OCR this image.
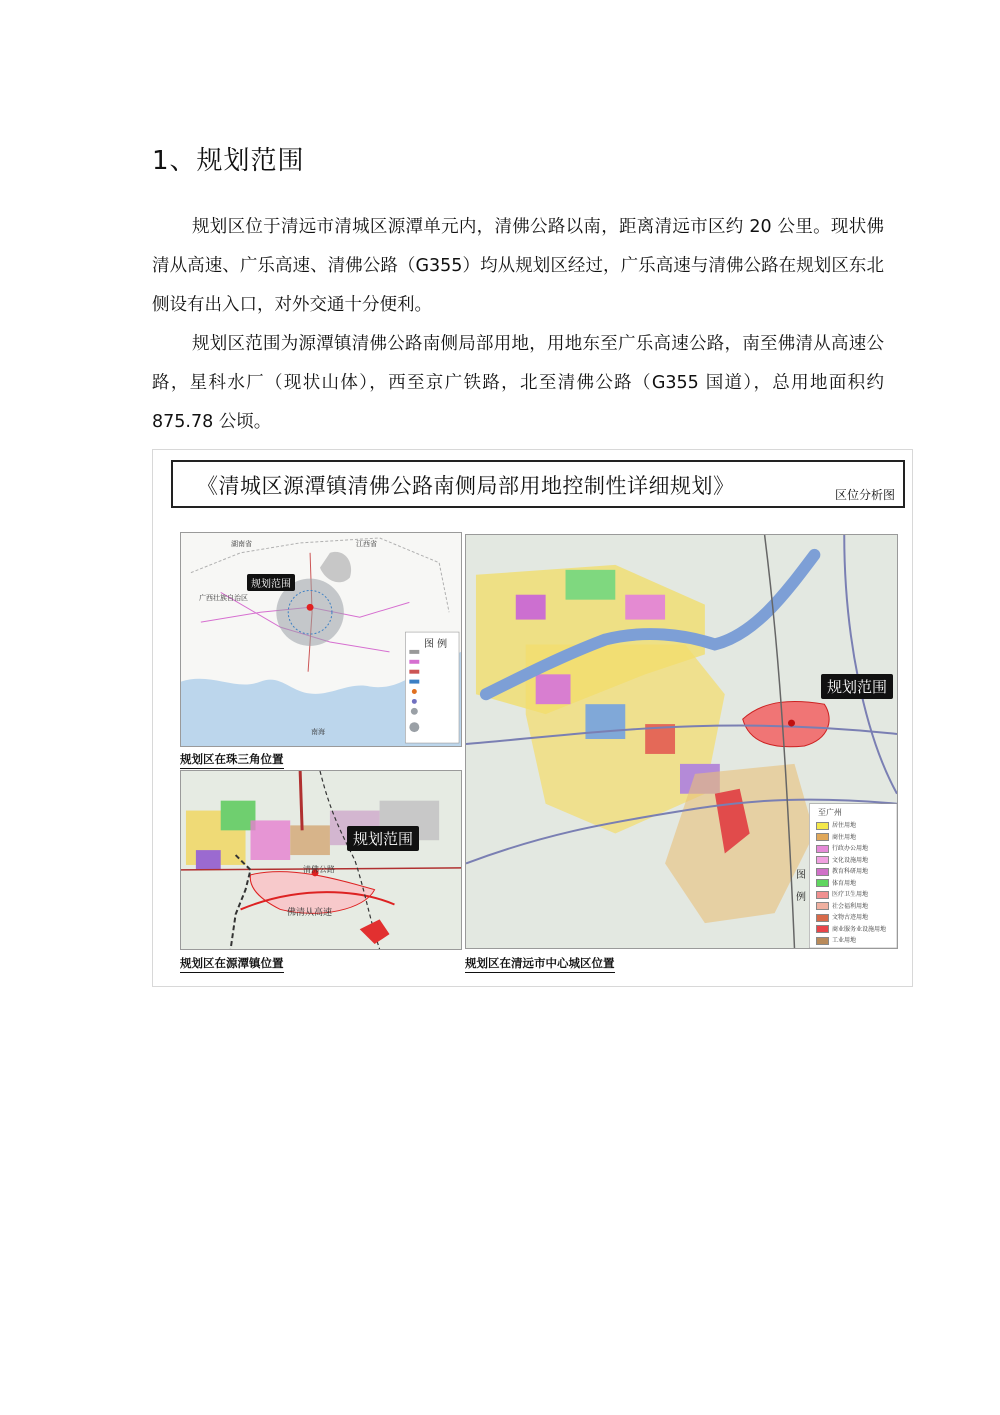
1、规划范围

规划区位于清远市清城区源潭单元内，清佛公路以南，距离清远市区约 20 公里。现状佛清从高速、广乐高速、清佛公路（G355）均从规划区经过，广乐高速与清佛公路在规划区东北侧设有出入口，对外交通十分便利。

规划区范围为源潭镇清佛公路南侧局部用地，用地东至广乐高速公路，南至佛清从高速公路，星科水厂（现状山体），西至京广铁路，北至清佛公路（G355 国道），总用地面积约 875.78 公顷。

《清城区源潭镇清佛公路南侧局部用地控制性详细规划》	区位分析图
规划范围
图 例
南海
江西省
湖南省
广西壮族自治区
规划区在珠三角位置
规划范围
佛清从高速
清佛公路
规划区在源潭镇位置
规划范围
至广州
图 例
居住用地
商住用地
行政办公用地
文化设施用地
教育科研用地
体育用地
医疗卫生用地
社会福利用地
文物古迹用地
商业服务业设施用地
工业用地
规划区在清远市中心城区位置
